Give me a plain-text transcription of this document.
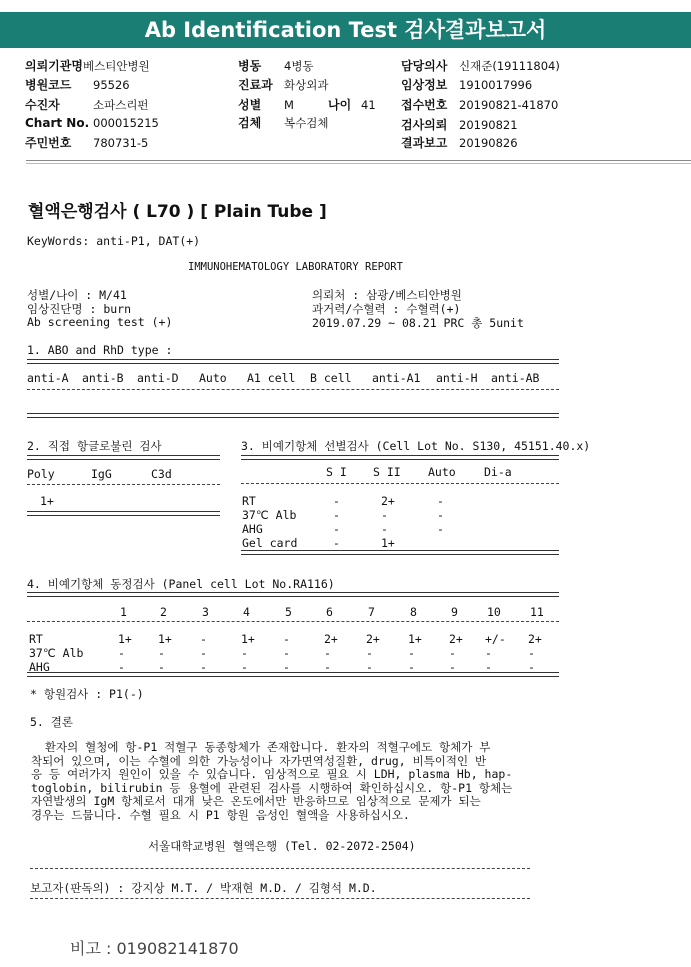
Ab Identification Test 검사결과보고서
의뢰기관명베스티안병원
병원코드 95526
수진자	소파스리펀
Chart No. 000015215
주민번호 780731-5
병동 4병동
진료과 화상외과
성별 M	나이 41
검체 복수검체
담당의사 신재준(19111804)
임상정보 1910017996
접수번호 20190821-41870
검사의뢰 20190821
결과보고 20190826
혈액은행검사 ( L70 ) [ Plain Tube ]
KeyWords: anti-P1, DAT(+)
IMMUNOHEMATOLOGY LABORATORY REPORT
성별/나이 : M/41
임상진단명 : burn
Ab screening test (+)
의뢰처 : 삼광/베스티안병원
과거력/수혈력 : 수혈력(+)
2019.07.29 ~ 08.21 PRC 총 5unit
1. ABO and RhD type :
anti-A anti-B anti-D Auto A1 cell B cell anti-A1 anti-H anti-AB
2. 직접 항글로불린 검사
Poly	IgG	C3d
1+
3. 비예기항체 선별검사 (Cell Lot No. S130, 45151.40.x)
S I S II Auto Di-a
RT	-	2+	-
37℃ Alb	-	-	-
AHG	-	-	-
Gel card	-	1+
4. 비예기항체 동정검사 (Panel cell Lot No.RA116)
1	2	3	4	5	6	7	8	9	10	11
RT	1+ 1+ -	1+ -	2+ 2+ 1+ 2+ +/- 2+
37℃ Alb	-	-	-	-	-	-	-	-	-	-	-
AHG	-	-	-	-	-	-	-	-	-	-	-
* 항원검사 : P1(-)
5. 결론
환자의 혈청에 항-P1 적혈구 동종항체가 존재합니다. 환자의 적혈구에도 항체가 부
착되어 있으며, 이는 수혈에 의한 가능성이나 자가면역성질환, drug, 비특이적인 반
응 등 여러가지 원인이 있을 수 있습니다. 임상적으로 필요 시 LDH, plasma Hb, hap-
toglobin, bilirubin 등 용혈에 관련된 검사를 시행하여 확인하십시오. 항-P1 항체는
자연발생의 IgM 항체로서 대개 낮은 온도에서만 반응하므로 임상적으로 문제가 되는
경우는 드뭅니다. 수혈 필요 시 P1 항원 음성인 혈액을 사용하십시오.
서울대학교병원 혈액은행 (Tel. 02-2072-2504)
보고자(판독의) : 강지상 M.T. / 박재현 M.D. / 김형석 M.D.
비고 : 019082141870
